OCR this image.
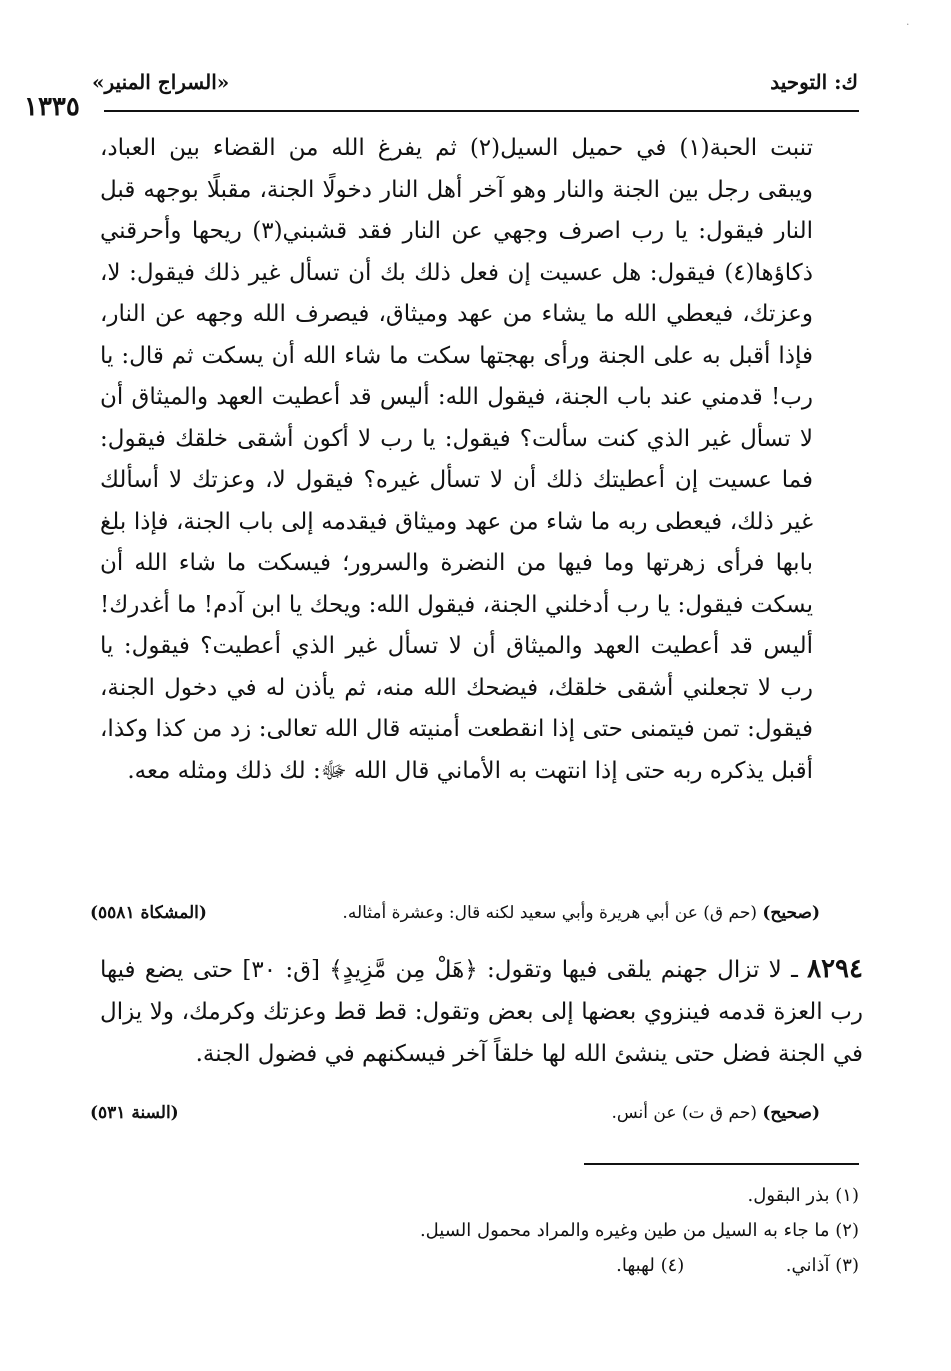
·
ك: التوحيد
«السراج المنير»
١٣٣٥
تنبت الحبة(١) في حميل السيل(٢) ثم يفرغ الله من القضاء بين العباد، ويبقى رجل بين الجنة والنار وهو آخر أهل النار دخولًا الجنة، مقبلًا بوجهه قبل النار فيقول: يا رب اصرف وجهي عن النار فقد قشبني(٣) ريحها وأحرقني ذكاؤها(٤) فيقول: هل عسيت إن فعل ذلك بك أن تسأل غير ذلك فيقول: لا، وعزتك، فيعطي الله ما يشاء من عهد وميثاق، فيصرف الله وجهه عن النار، فإذا أقبل به على الجنة ورأى بهجتها سكت ما شاء الله أن يسكت ثم قال: يا رب! قدمني عند باب الجنة، فيقول الله: أليس قد أعطيت العهد والميثاق أن لا تسأل غير الذي كنت سألت؟ فيقول: يا رب لا أكون أشقى خلقك فيقول: فما عسيت إن أعطيتك ذلك أن لا تسأل غيره؟ فيقول لا، وعزتك لا أسألك غير ذلك، فيعطى ربه ما شاء من عهد وميثاق فيقدمه إلى باب الجنة، فإذا بلغ بابها فرأى زهرتها وما فيها من النضرة والسرور؛ فيسكت ما شاء الله أن يسكت فيقول: يا رب أدخلني الجنة، فيقول الله: ويحك يا ابن آدم! ما أغدرك! أليس قد أعطيت العهد والميثاق أن لا تسأل غير الذي أعطيت؟ فيقول: يا رب لا تجعلني أشقى خلقك، فيضحك الله منه، ثم يأذن له في دخول الجنة، فيقول: تمن فيتمنى حتى إذا انقطعت أمنيته قال الله تعالى: زد من كذا وكذا، أقبل يذكره ربه حتى إذا انتهت به الأماني قال الله ﷻ: لك ذلك ومثله معه.
(صحيح) (حم ق) عن أبي هريرة وأبي سعيد لكنه قال: وعشرة أمثاله.
(المشكاة ٥٥٨١)
٨٢٩٤ ـ لا تزال جهنم يلقى فيها وتقول: ﴿هَلْ مِن مَّزِيدٍ﴾ [ق: ٣٠] حتى يضع فيها رب العزة قدمه فينزوي بعضها إلى بعض وتقول: قط قط وعزتك وكرمك، ولا يزال في الجنة فضل حتى ينشئ الله لها خلقاً آخر فيسكنهم في فضول الجنة.
(صحيح) (حم ق ت) عن أنس.
(السنة ٥٣١)
(١) بذر البقول.
(٢) ما جاء به السيل من طين وغيره والمراد محمول السيل.
(٣) آذاني.  (٤) لهبها.
